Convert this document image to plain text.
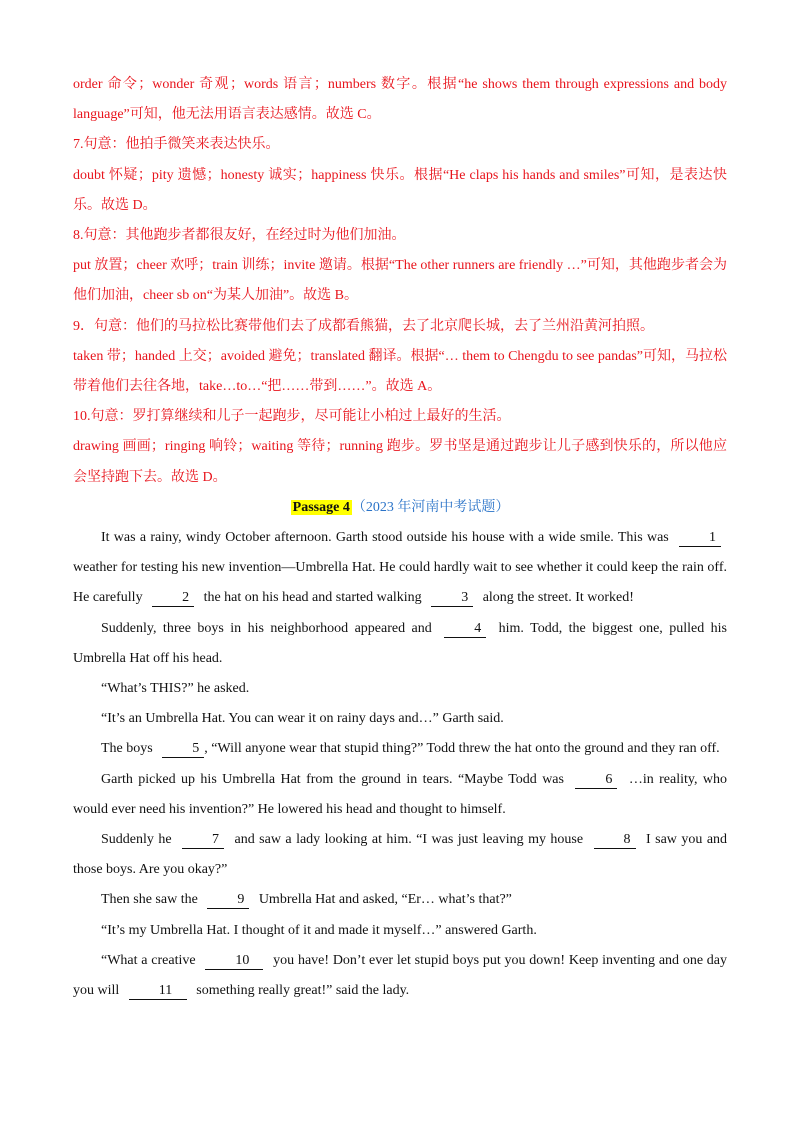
order 命令；wonder 奇观；words 语言；numbers 数字。根据“he shows them through expressions and body language”可知，他无法用语言表达感情。故选 C。

7.句意：他拍手微笑来表达快乐。

doubt 怀疑；pity 遗憾；honesty 诚实；happiness 快乐。根据“He claps his hands and smiles”可知，是表达快乐。故选 D。

8.句意：其他跑步者都很友好，在经过时为他们加油。

put 放置；cheer 欢呼；train 训练；invite 邀请。根据“The other runners are friendly …”可知，其他跑步者会为他们加油，cheer sb on“为某人加油”。故选 B。

9．句意：他们的马拉松比赛带他们去了成都看熊猫，去了北京爬长城，去了兰州沿黄河拍照。

taken 带；handed 上交；avoided 避免；translated 翻译。根据“… them to Chengdu to see pandas”可知，马拉松带着他们去往各地，take…to…“把……带到……”。故选 A。

10.句意：罗打算继续和儿子一起跑步，尽可能让小柏过上最好的生活。

drawing 画画；ringing 响铃；waiting 等待；running 跑步。罗书坚是通过跑步让儿子感到快乐的，所以他应会坚持跑下去。故选 D。

Passage 4 （2023 年河南中考试题）

It was a rainy, windy October afternoon. Garth stood outside his house with a wide smile. This was	1 weather for testing his new invention—Umbrella Hat. He could hardly wait to see whether it could keep the rain off. He carefully	2 the hat on his head and started walking	3 along the street. It worked!

Suddenly, three boys in his neighborhood appeared and	4 him. Todd, the biggest one, pulled his Umbrella Hat off his head.

“What’s THIS?” he asked.

“It’s an Umbrella Hat. You can wear it on rainy days and…” Garth said.

The boys	5 , “Will anyone wear that stupid thing?” Todd threw the hat onto the ground and they ran off.

Garth picked up his Umbrella Hat from the ground in tears. “Maybe Todd was	6 …in reality, who would ever need his invention?” He lowered his head and thought to himself.

Suddenly he	7 and saw a lady looking at him. “I was just leaving my house	8 I saw you and those boys. Are you okay?”

Then she saw the	9 Umbrella Hat and asked, “Er… what’s that?”

“It’s my Umbrella Hat. I thought of it and made it myself…” answered Garth.

“What a creative	10 you have! Don’t ever let stupid boys put you down! Keep inventing and one day you will	11 something really great!” said the lady.
